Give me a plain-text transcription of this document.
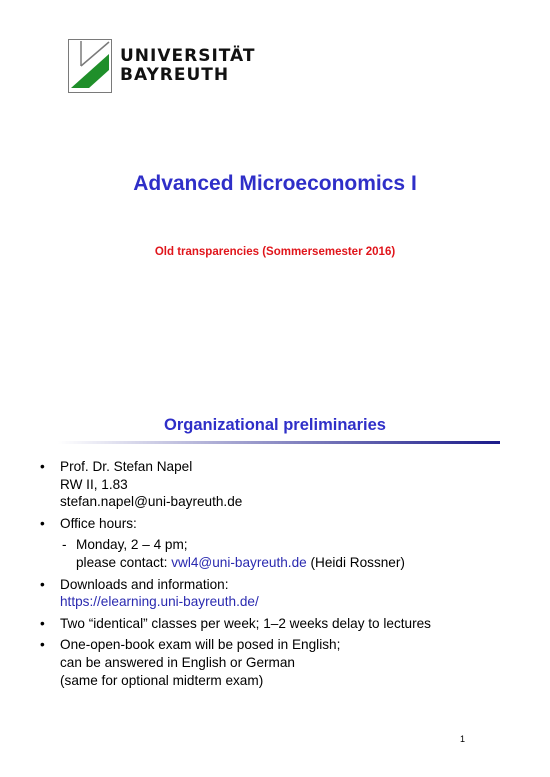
UNIVERSITÄT
BAYREUTH
Advanced Microeconomics I
Old transparencies (Sommersemester 2016)
Organizational preliminaries
•	Prof. Dr. Stefan Napel
RW II, 1.83
stefan.napel@uni-bayreuth.de
•	Office hours:
- Monday, 2 – 4 pm;
please contact: vwl4@uni-bayreuth.de (Heidi Rossner)
•	Downloads and information:
https://elearning.uni-bayreuth.de/
•	Two “identical” classes per week; 1–2 weeks delay to lectures
•	One-open-book exam will be posed in English;
can be answered in English or German
(same for optional midterm exam)
1
